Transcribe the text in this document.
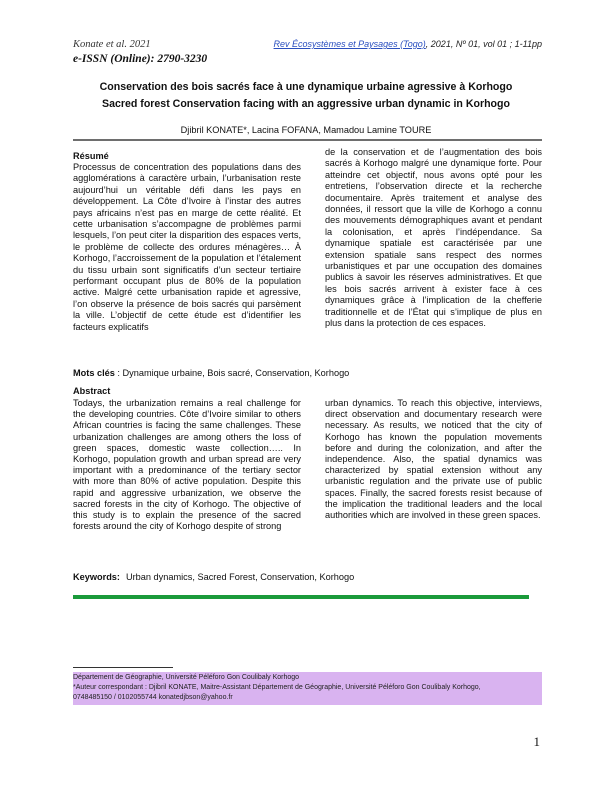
Konate et al. 2021
e-ISSN (Online): 2790-3230
Rev Écosystèmes et Paysages (Togo), 2021, Nº 01, vol 01 ; 1-11pp
Conservation des bois sacrés face à une dynamique urbaine agressive à Korhogo
Sacred forest Conservation facing with an aggressive urban dynamic in Korhogo
Djibril KONATE*, Lacina FOFANA, Mamadou Lamine TOURE
Résumé

Processus de concentration des populations dans des agglomérations à caractère urbain, l’urbanisation reste aujourd’hui un véritable défi dans les pays en développement. La Côte d’Ivoire à l’instar des autres pays africains n’est pas en marge de cette réalité. Et cette urbanisation s’accompagne de problèmes parmi lesquels, l’on peut citer la disparition des espaces verts, le problème de collecte des ordures ménagères… À Korhogo, l’accroissement de la population et l’étalement du tissu urbain sont significatifs d’un secteur tertiaire performant occupant plus de 80% de la population active. Malgré cette urbanisation rapide et agressive, l’on observe la présence de bois sacrés qui parsèment la ville. L’objectif de cette étude est d’identifier les facteurs explicatifs

de la conservation et de l’augmentation des bois sacrés à Korhogo malgré une dynamique forte. Pour atteindre cet objectif, nous avons opté pour les entretiens, l’observation directe et la recherche documentaire. Après traitement et analyse des données, il ressort que la ville de Korhogo a connu des mouvements démographiques avant et pendant la colonisation, et après l’indépendance. Sa dynamique spatiale est caractérisée par une extension spatiale sans respect des normes urbanistiques et par une occupation des domaines publics à savoir les réserves administratives. Et que les bois sacrés arrivent à exister face à ces dynamiques grâce à l’implication de la chefferie traditionnelle et de l’État qui s’implique de plus en plus dans la protection de ces espaces.

Mots clés : Dynamique urbaine, Bois sacré, Conservation, Korhogo
Abstract

Todays, the urbanization remains a real challenge for the developing countries. Côte d’Ivoire similar to others African countries is facing the same challenges. These urbanization challenges are among others the loss of green spaces, domestic waste collection….. In Korhogo, population growth and urban spread are very important with a predominance of the tertiary sector with more than 80% of active population. Despite this rapid and aggressive urbanization, we observe the sacred forests in the city of Korhogo. The objective of this study is to explain the presence of the sacred forests around the city of Korhogo despite of strong

urban dynamics. To reach this objective, interviews, direct observation and documentary research were necessary. As results, we noticed that the city of Korhogo has known the population movements before and during the colonization, and after the independence. Also, the spatial dynamics was characterized by spatial extension without any urbanistic regulation and the private use of public spaces. Finally, the sacred forests resist because of the implication the traditional leaders and the local authorities which are involved in these green spaces.

Keywords: Urban dynamics, Sacred Forest, Conservation, Korhogo
Département de Géographie, Université Péléforo Gon Coulibaly Korhogo
*Auteur correspondant : Djibril KONATE, Maitre-Assistant Département de Géographie, Université Péléforo Gon Coulibaly Korhogo,
0748485150 / 0102055744 konatedjbson@yahoo.fr
1
